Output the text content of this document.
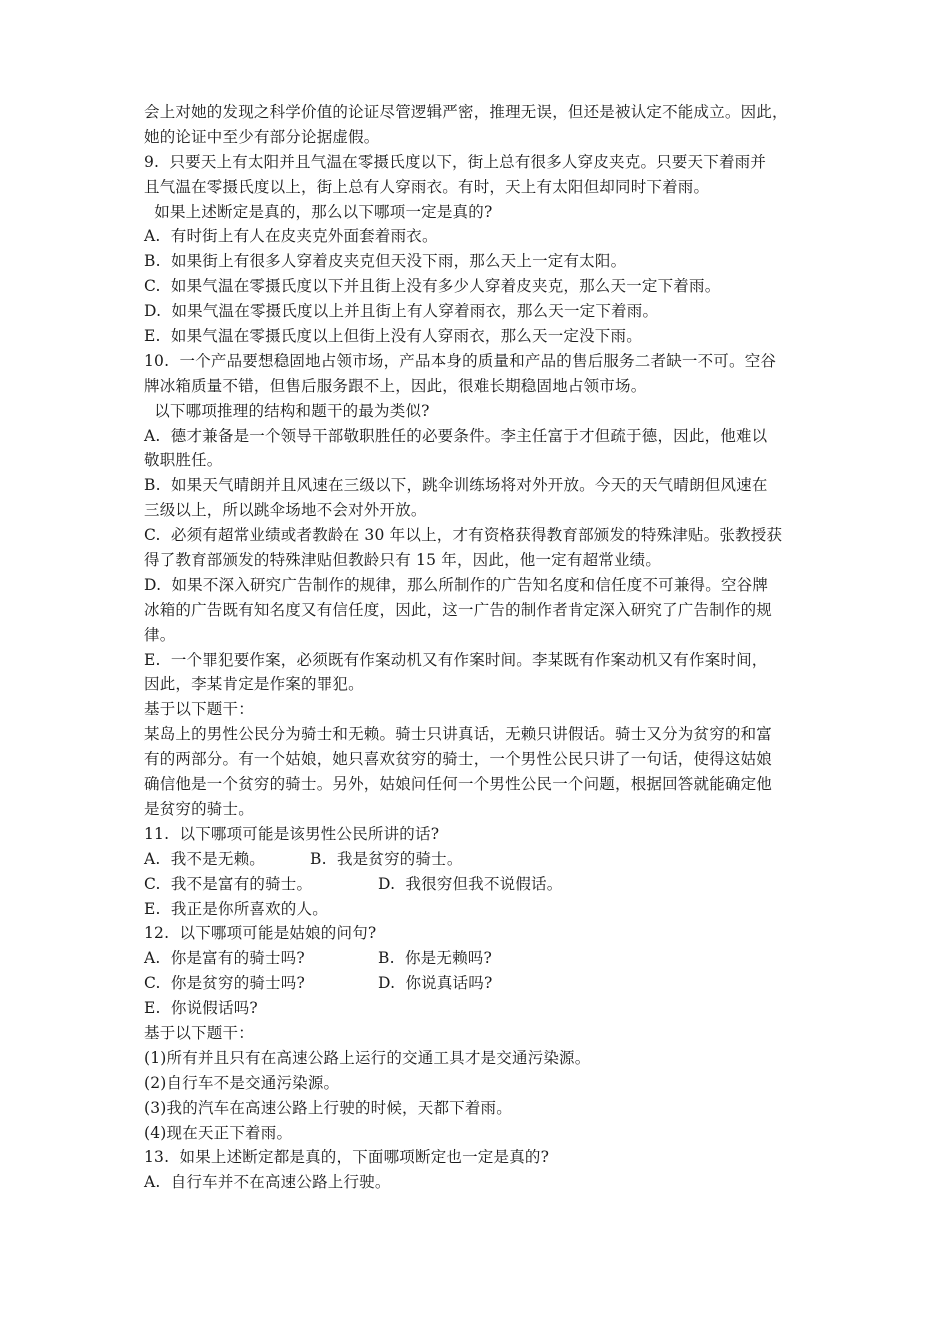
会上对她的发现之科学价值的论证尽管逻辑严密，推理无误，但还是被认定不能成立。因此，
她的论证中至少有部分论据虚假。
9.  只要天上有太阳并且气温在零摄氏度以下，街上总有很多人穿皮夹克。只要天下着雨并
且气温在零摄氏度以上，街上总有人穿雨衣。有时，天上有太阳但却同时下着雨。
如果上述断定是真的，那么以下哪项一定是真的?
A.  有时街上有人在皮夹克外面套着雨衣。
B.  如果街上有很多人穿着皮夹克但天没下雨，那么天上一定有太阳。
C.  如果气温在零摄氏度以下并且街上没有多少人穿着皮夹克，那么天一定下着雨。
D.  如果气温在零摄氏度以上并且街上有人穿着雨衣，那么天一定下着雨。
E.  如果气温在零摄氏度以上但街上没有人穿雨衣，那么天一定没下雨。
10.  一个产品要想稳固地占领市场，产品本身的质量和产品的售后服务二者缺一不可。空谷
牌冰箱质量不错，但售后服务跟不上，因此，很难长期稳固地占领市场。
以下哪项推理的结构和题干的最为类似?
A.  德才兼备是一个领导干部敬职胜任的必要条件。李主任富于才但疏于德，因此，他难以
敬职胜任。
B.  如果天气晴朗并且风速在三级以下，跳伞训练场将对外开放。今天的天气晴朗但风速在
三级以上，所以跳伞场地不会对外开放。
C.  必须有超常业绩或者教龄在 30 年以上，才有资格获得教育部颁发的特殊津贴。张教授获
得了教育部颁发的特殊津贴但教龄只有 15 年，因此，他一定有超常业绩。
D.  如果不深入研究广告制作的规律，那么所制作的广告知名度和信任度不可兼得。空谷牌
冰箱的广告既有知名度又有信任度，因此，这一广告的制作者肯定深入研究了广告制作的规
律。
E.  一个罪犯要作案，必须既有作案动机又有作案时间。李某既有作案动机又有作案时间，
因此，李某肯定是作案的罪犯。
基于以下题干：
某岛上的男性公民分为骑士和无赖。骑士只讲真话，无赖只讲假话。骑士又分为贫穷的和富
有的两部分。有一个姑娘，她只喜欢贫穷的骑士，一个男性公民只讲了一句话，使得这姑娘
确信他是一个贫穷的骑士。另外，姑娘问任何一个男性公民一个问题，根据回答就能确定他
是贫穷的骑士。
11.  以下哪项可能是该男性公民所讲的话?
A.  我不是无赖。	B.  我是贫穷的骑士。
C.  我不是富有的骑士。	D.  我很穷但我不说假话。
E.  我正是你所喜欢的人。
12.  以下哪项可能是姑娘的问句?
A.  你是富有的骑士吗?	B.  你是无赖吗?
C.  你是贫穷的骑士吗?	D.  你说真话吗?
E.  你说假话吗?
基于以下题干：
(1)所有并且只有在高速公路上运行的交通工具才是交通污染源。
(2)自行车不是交通污染源。
(3)我的汽车在高速公路上行驶的时候，天都下着雨。
(4)现在天正下着雨。
13.  如果上述断定都是真的，下面哪项断定也一定是真的?
A.  自行车并不在高速公路上行驶。
